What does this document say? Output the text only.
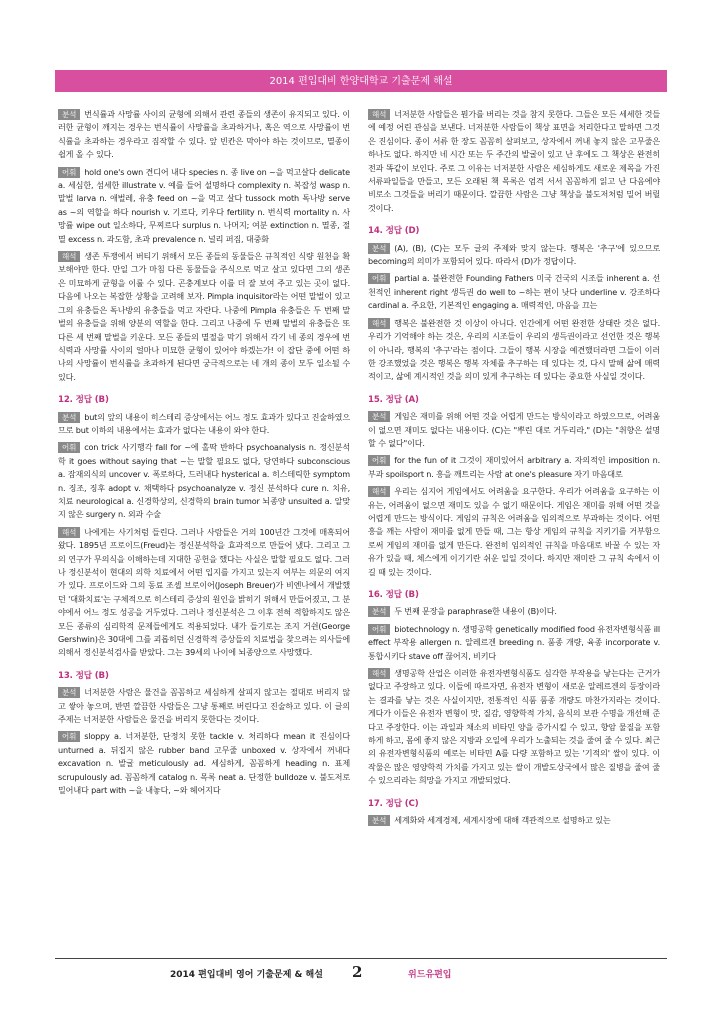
2014 편입대비 한양대학교 기출문제 해설

분석 번식률과 사망률 사이의 균형에 의해서 관련 종들의 생존이 유지되고 있다. 이러한 균형이 깨지는 경우는 번식률이 사망률을 초과하거나, 혹은 역으로 사망률이 번식률을 초과하는 경우라고 짐작할 수 있다. 앞 빈칸은 막아야 하는 것이므로, 멸종이 쉽게 올 수 있다.

어휘 hold one's own 견디어 내다 species n. 종 live on ~을 먹고살다 delicate a. 세심한, 섬세한 illustrate v. 예를 들어 설명하다 complexity n. 복잡성 wasp n. 말벌 larva n. 애벌레, 유충 feed on ~을 먹고 살다 tussock moth 독나방 serve as ~의 역할을 하다 nourish v. 기르다, 키우다 fertility n. 번식력 mortality n. 사망률 wipe out 일소하다, 무찌르다 surplus n. 나머지; 여분 extinction n. 멸종, 절멸 excess n. 과도함, 초과 prevalence n. 널리 퍼짐, 대중화

해석 생존 투쟁에서 버티기 위해서 모든 종들의 동물들은 규칙적인 식량 원천을 확보해야만 한다. 만일 그가 마침 다른 동물들을 주식으로 먹고 살고 있다면 그의 생존은 미묘하게 균형을 이룰 수 있다. 곤충계보다 이를 더 잘 보여 주고 있는 곳이 없다. 다음에 나오는 복잡한 상황을 고려해 보자. Pimpla inquisitor라는 어떤 말벌이 있고 그의 유충들은 독나방의 유충들을 먹고 자란다. 나중에 Pimpla 유충들은 두 번째 말벌의 유충들을 위해 양분의 역할을 한다. 그리고 나중에 두 번째 말벌의 유충들은 또 다른 세 번째 말벌을 키운다. 모든 종들의 멸절을 막기 위해서 각기 네 종의 경우에 번식력과 사망률 사이의 얼마나 미묘한 균형이 있어야 하겠는가! 이 잡단 중에 어떤 하나의 사망률이 번식률을 초과하게 된다면 궁극적으로는 네 개의 종이 모두 일소될 수 있다.

12. 정답 (B)

분석 but의 앞의 내용이 히스테리 증상에서는 어느 정도 효과가 있다고 진술하였으므로 but 이하의 내용에서는 효과가 없다는 내용이 와야 한다.

어휘 con trick 사기행각 fall for ~에 홀딱 반하다 psychoanalysis n. 정신분석학 it goes without saying that ~는 말할 필요도 없다, 당연하다 subconscious a. 잠재의식의 uncover v. 폭로하다, 드러내다 hysterical a. 히스테릭한 symptom n. 징조, 징후 adopt v. 채택하다 psychoanalyze v. 정신 분석하다 cure n. 치유, 치료 neurological a. 신경학상의, 신경학의 brain tumor 뇌종양 unsuited a. 알맞지 않은 surgery n. 외과 수술

해석 나에게는 사기처럼 들린다. 그러나 사람들은 거의 100년간 그것에 매혹되어 왔다. 1895년 프로이드(Freud)는 정신분석학을 효과적으로 만들어 냈다. 그리고 그의 연구가 무의식을 이해하는데 지대한 공헌을 했다는 사실은 말할 필요도 없다. 그러나 정신분석이 현대의 의학 치료에서 어떤 입지를 가지고 있는지 여부는 의문의 여지가 있다. 프로이드와 그의 동료 조셉 브로이어(Joseph Breuer)가 비엔나에서 개발했던 '대화치료'는 구체적으로 히스테리 증상의 원인을 밝히기 위해서 만들어졌고, 그 분야에서 어느 정도 성공을 거두었다. 그러나 정신분석은 그 이후 전혀 적합하지도 않은 모든 종류의 심리학적 문제들에게도 적용되었다. 내가 들기로는 조지 거쉰(George Gershwin)은 30대에 그를 괴롭히던 신경학적 증상들의 치료법을 찾으려는 의사들에 의해서 정신분석검사를 받았다. 그는 39세의 나이에 뇌종양으로 사망했다.

13. 정답 (B)

분석 너저분한 사람은 물건을 꼼꼼하고 세심하게 살피지 않고는 절대로 버리지 않고 쌓아 놓으며, 반면 깔끔한 사람들은 그냥 통째로 버린다고 진술하고 있다. 이 글의 주제는 너저분한 사람들은 물건을 버리지 못한다는 것이다.

어휘 sloppy a. 너저분한, 단정치 못한 tackle v. 처리하다 mean it 진심이다 unturned a. 뒤집지 않은 rubber band 고무줄 unboxed v. 상자에서 꺼내다 excavation n. 발굴 meticulously ad. 세심하게, 꼼꼼하게 heading n. 표제 scrupulously ad. 꼼꼼하게 catalog n. 목록 neat a. 단정한 bulldoze v. 불도저로 밀어내다 part with ~을 내놓다, ~와 헤어지다

해석 너저분한 사람들은 뭔가를 버리는 것을 참지 못한다. 그들은 모든 세세한 것들에 예정 어린 관심을 보낸다. 너저분한 사람들이 책상 표면을 처리한다고 말하면 그것은 진심이다. 종이 서류 한 장도 꼼꼼히 살펴보고, 상자에서 꺼내 놓지 않은 고무줄은 하나도 없다. 하지만 네 시간 또는 두 주간의 발굴이 있고 난 후에도 그 책상은 완전히 전과 똑같이 보인다. 주로 그 이유는 너저분한 사람은 세심하게도 새로운 제목을 가진 서류파일들을 만들고, 모든 오래된 책 목록은 엄격 서서 꼼꼼하게 읽고 난 다음에야 비로소 그것들을 버리기 때문이다. 깔끔한 사람은 그냥 책상을 불도저처럼 밀어 버릴 것이다.

14. 정답 (D)

분석 (A), (B), (C)는 모두 글의 주제와 맞지 않는다. 행복은 '추구'에 있으므로 becoming의 의미가 포함되어 있다. 따라서 (D)가 정답이다.

어휘 partial a. 불완전한 Founding Fathers 미국 건국의 시조들 inherent a. 선천적인 inherent right 생득권 do well to ~하는 편이 낫다 underline v. 강조하다 cardinal a. 주요한, 기본적인 engaging a. 매력적인, 마음을 끄는

해석 행복은 불완전한 것 이상이 아니다. 인간에게 어떤 완전한 상태란 것은 없다. 우리가 기억해야 하는 것은, 우리의 시조들이 우리의 생득권이라고 선언한 것은 행복이 아니라, 행복의 '추구'라는 점이다. 그들이 행복 시장을 예견했더라면 그들이 이러한 강조했었을 것은 행복은 행복 자체를 추구하는 데 있다는 것, 다시 말해 삶에 매력적이고, 삶에 계시적인 것을 의미 있게 추구하는 데 있다는 중요한 사실일 것이다.

15. 정답 (A)

분석 게임은 재미를 위해 어떤 것을 어렵게 만드는 방식이라고 하였으므로, 어려움이 없으면 재미도 없다는 내용이다. (C)는 "뿌린 대로 거두리라," (D)는 "취향은 설명할 수 없다"이다.

어휘 for the fun of it 그것이 재미있어서 arbitrary a. 자의적인 imposition n. 부과 spoilsport n. 흥을 깨트리는 사람 at one's pleasure 자기 마음대로

해석 우리는 심지어 게임에서도 어려움을 요구한다. 우리가 어려움을 요구하는 이유는, 어려움이 없으면 재미도 있을 수 없기 때문이다. 게임은 재미를 위해 어떤 것을 어렵게 만드는 방식이다. 게임의 규칙은 어려움을 임의적으로 부과하는 것이다. 어떤 흥을 깨는 사람이 재미를 없게 만들 때, 그는 항상 게임의 규칙을 지키기를 거부함으로써 게임의 재미를 없게 만든다. 완전히 임의적인 규칙을 마음대로 바꿀 수 있는 자유가 있을 때, 체스에게 이기기란 쉬운 일일 것이다. 하지만 재미란 그 규칙 속에서 이길 때 있는 것이다.

16. 정답 (B)

분석 두 번째 문장을 paraphrase한 내용이 (B)이다.

어휘 biotechnology n. 생명공학 genetically modified food 유전자변형식품 ill effect 부작용 allergen n. 알레르겐 breeding n. 품종 개량, 육종 incorporate v. 통합시키다 stave off 끊어지, 비키다

해석 생명공학 산업은 이러한 유전자변형식품도 심각한 부작용을 낳는다는 근거가 없다고 주장하고 있다. 이들에 따르자면, 유전자 변형이 새로운 알레르겐의 등장이라는 결과를 낳는 것은 사실이지만, 전통적인 식품 품종 개량도 마찬가지라는 것이다. 게다가 이들은 유전자 변형이 맛, 질감, 영향학적 가치, 음식의 보관 수명을 개선해 준다고 주장한다. 이는 과일과 채소의 비타민 양을 증가시킬 수 있고, 향암 물질을 포함하게 하고, 몸에 좋지 않은 지방과 오일에 우리가 노출되는 것을 줄여 줄 수 있다. 최근의 유전자변형식품의 예로는 비타민 A를 다량 포함하고 있는 '기적의' 쌀이 있다. 이 작물은 많은 영양학적 가치를 가지고 있는 쌀이 개발도상국에서 많은 질병을 줄여 줄 수 있으리라는 희망을 가지고 개발되었다.

17. 정답 (C)

분석 세계화와 세계경제, 세계시장에 대해 객관적으로 설명하고 있는

2014 편입대비 영어 기출문제 & 해설 2	위드유편입
